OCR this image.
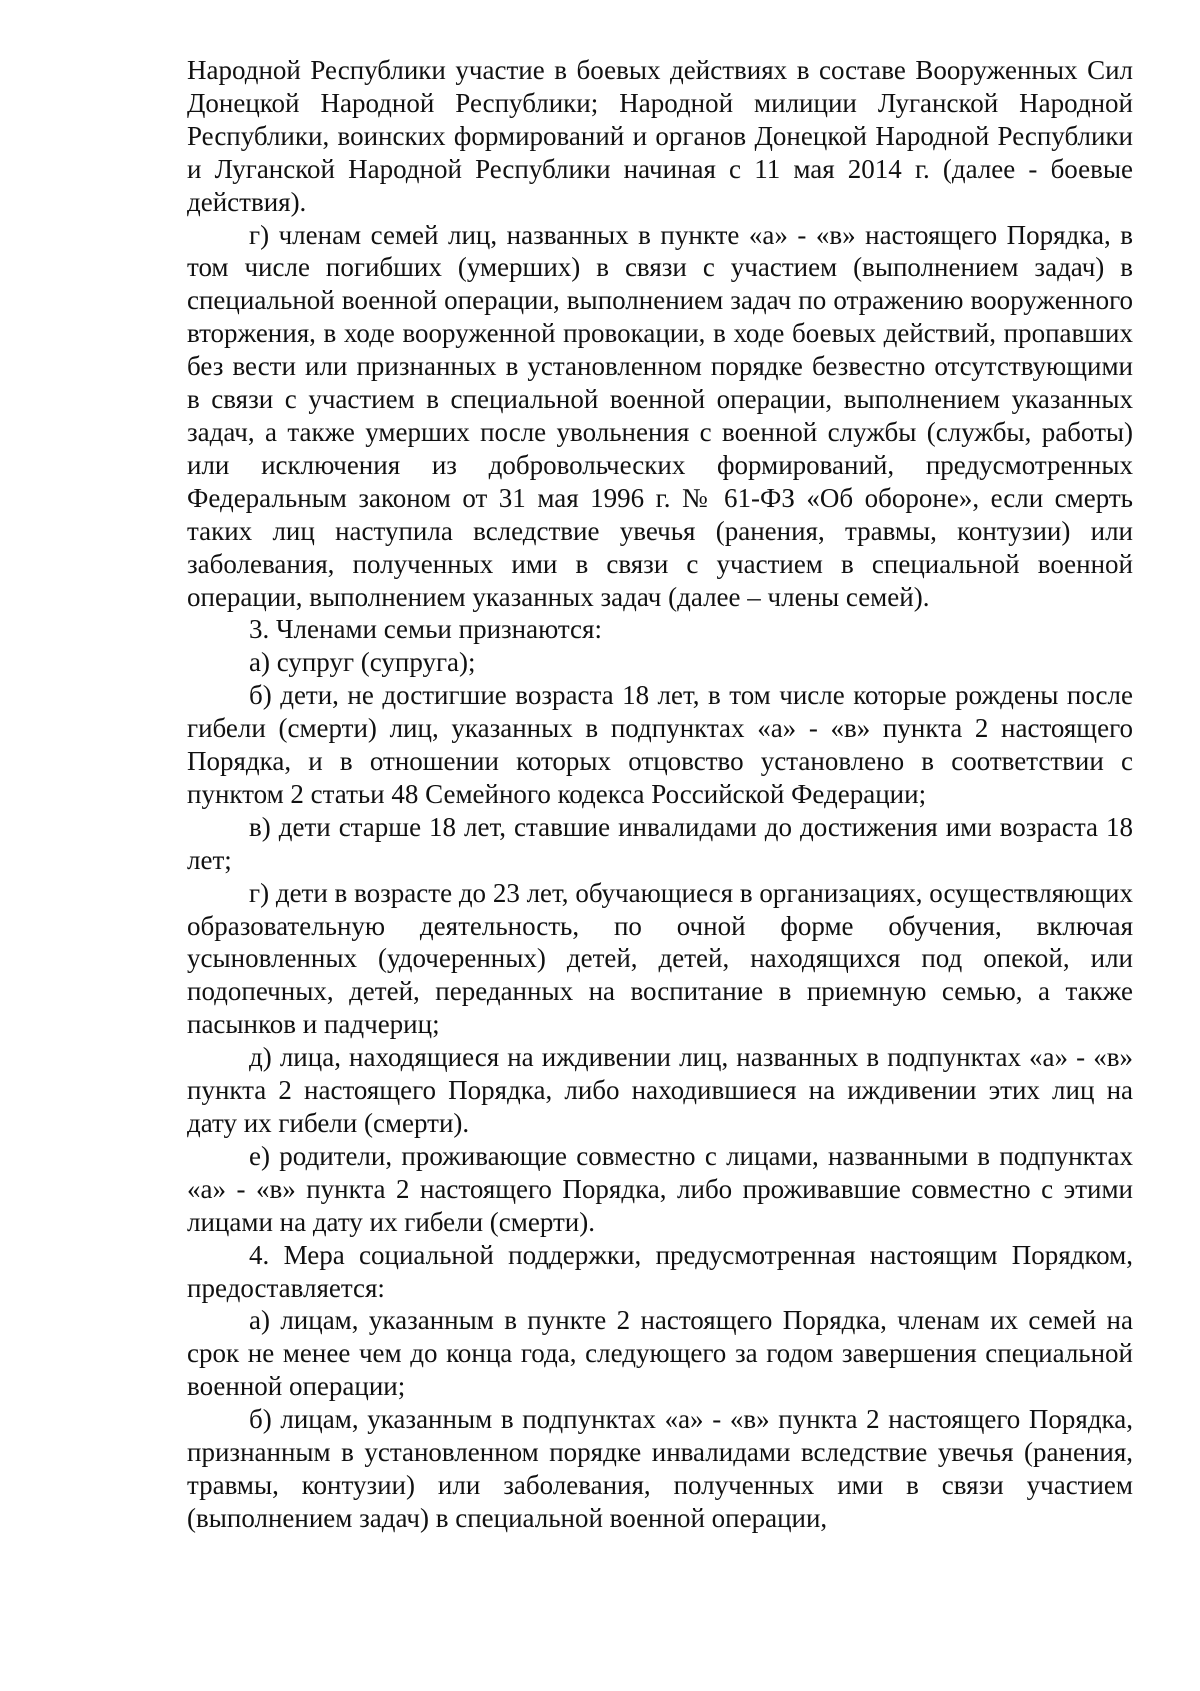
Народной Республики участие в боевых действиях в составе Вооруженных Сил Донецкой Народной Республики; Народной милиции Луганской Народной Республики, воинских формирований и органов Донецкой Народной Республики и Луганской Народной Республики начиная с 11 мая 2014 г. (далее - боевые действия).

г) членам семей лиц, названных в пункте «а» - «в» настоящего Порядка, в том числе погибших (умерших) в связи с участием (выполнением задач) в специальной военной операции, выполнением задач по отражению вооруженного вторжения, в ходе вооруженной провокации, в ходе боевых действий, пропавших без вести или признанных в установленном порядке безвестно отсутствующими в связи с участием в специальной военной операции, выполнением указанных задач, а также умерших после увольнения с военной службы (службы, работы) или исключения из добровольческих формирований, предусмотренных Федеральным законом от 31 мая 1996 г. № 61-ФЗ «Об обороне», если смерть таких лиц наступила вследствие увечья (ранения, травмы, контузии) или заболевания, полученных ими в связи с участием в специальной военной операции, выполнением указанных задач (далее – члены семей).

3. Членами семьи признаются:

а) супруг (супруга);

б) дети, не достигшие возраста 18 лет, в том числе которые рождены после гибели (смерти) лиц, указанных в подпунктах «а» - «в» пункта 2 настоящего Порядка, и в отношении которых отцовство установлено в соответствии с пунктом 2 статьи 48 Семейного кодекса Российской Федерации;

в) дети старше 18 лет, ставшие инвалидами до достижения ими возраста 18 лет;

г) дети в возрасте до 23 лет, обучающиеся в организациях, осуществляющих образовательную деятельность, по очной форме обучения, включая усыновленных (удочеренных) детей, детей, находящихся под опекой, или подопечных, детей, переданных на воспитание в приемную семью, а также пасынков и падчериц;

д) лица, находящиеся на иждивении лиц, названных в подпунктах «а» - «в» пункта 2 настоящего Порядка, либо находившиеся на иждивении этих лиц на дату их гибели (смерти).

е) родители, проживающие совместно с лицами, названными в подпунктах «а» - «в» пункта 2 настоящего Порядка, либо проживавшие совместно с этими лицами на дату их гибели (смерти).

4. Мера социальной поддержки, предусмотренная настоящим Порядком, предоставляется:

а) лицам, указанным в пункте 2 настоящего Порядка, членам их семей на срок не менее чем до конца года, следующего за годом завершения специальной военной операции;

б) лицам, указанным в подпунктах «а» - «в» пункта 2 настоящего Порядка, признанным в установленном порядке инвалидами вследствие увечья (ранения, травмы, контузии) или заболевания, полученных ими в связи участием (выполнением задач) в специальной военной операции,
